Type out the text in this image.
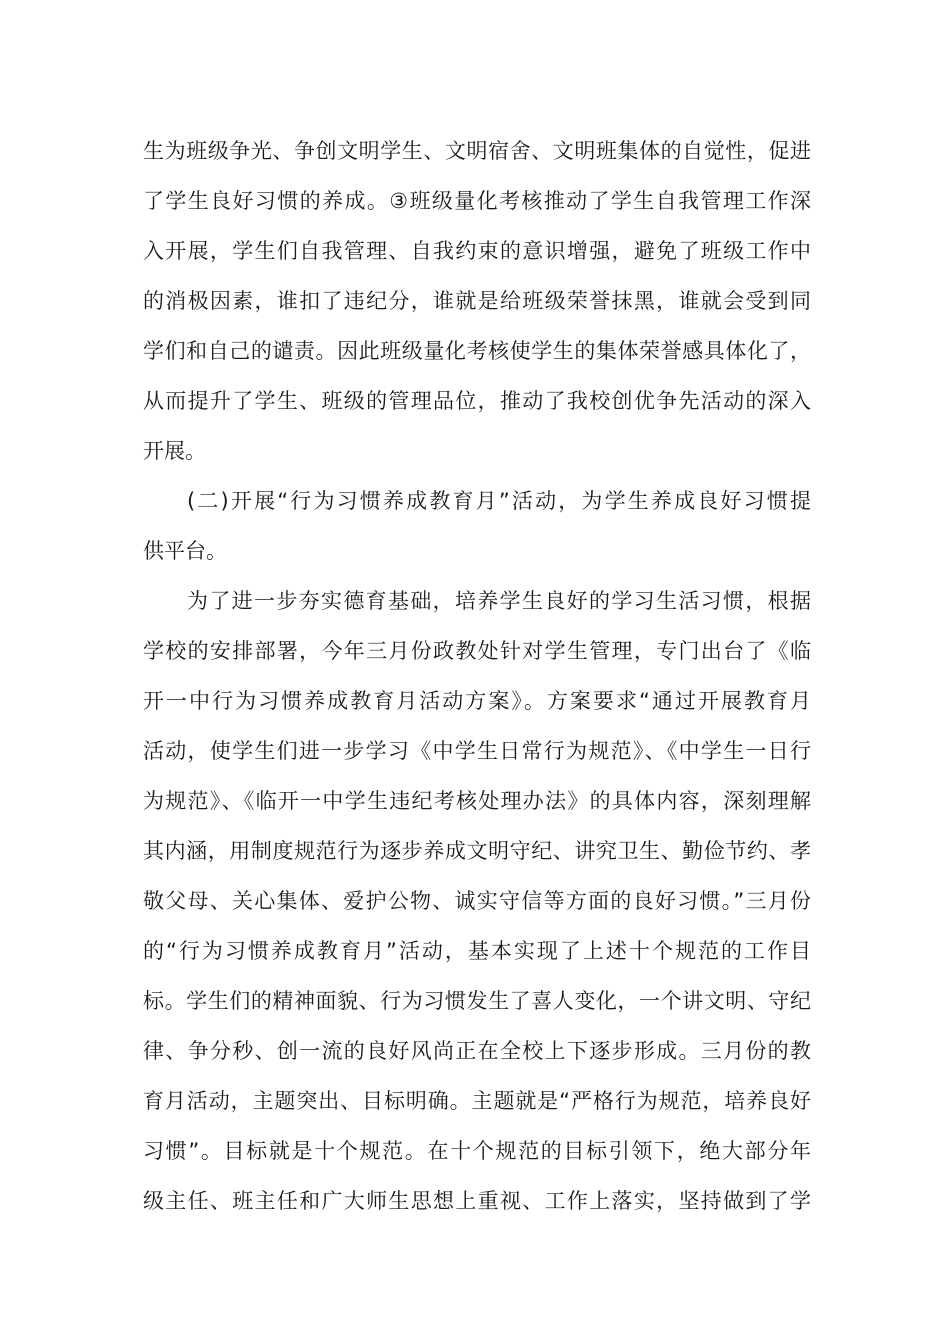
生为班级争光、争创文明学生、文明宿舍、文明班集体的自觉性，促进
了学生良好习惯的养成。③班级量化考核推动了学生自我管理工作深
入开展，学生们自我管理、自我约束的意识增强，避免了班级工作中
的消极因素，谁扣了违纪分，谁就是给班级荣誉抹黑，谁就会受到同
学们和自己的谴责。因此班级量化考核使学生的集体荣誉感具体化了，
从而提升了学生、班级的管理品位，推动了我校创优争先活动的深入
开展。
(二)开展“行为习惯养成教育月”活动，为学生养成良好习惯提
供平台。
为了进一步夯实德育基础，培养学生良好的学习生活习惯，根据
学校的安排部署，今年三月份政教处针对学生管理，专门出台了《临
开一中行为习惯养成教育月活动方案》。方案要求“通过开展教育月
活动，使学生们进一步学习《中学生日常行为规范》、《中学生一日行
为规范》、《临开一中学生违纪考核处理办法》的具体内容，深刻理解
其内涵，用制度规范行为逐步养成文明守纪、讲究卫生、勤俭节约、孝
敬父母、关心集体、爱护公物、诚实守信等方面的良好习惯。”三月份
的“行为习惯养成教育月”活动，基本实现了上述十个规范的工作目
标。学生们的精神面貌、行为习惯发生了喜人变化，一个讲文明、守纪
律、争分秒、创一流的良好风尚正在全校上下逐步形成。三月份的教
育月活动，主题突出、目标明确。主题就是“严格行为规范，培养良好
习惯”。目标就是十个规范。在十个规范的目标引领下，绝大部分年
级主任、班主任和广大师生思想上重视、工作上落实，坚持做到了学
